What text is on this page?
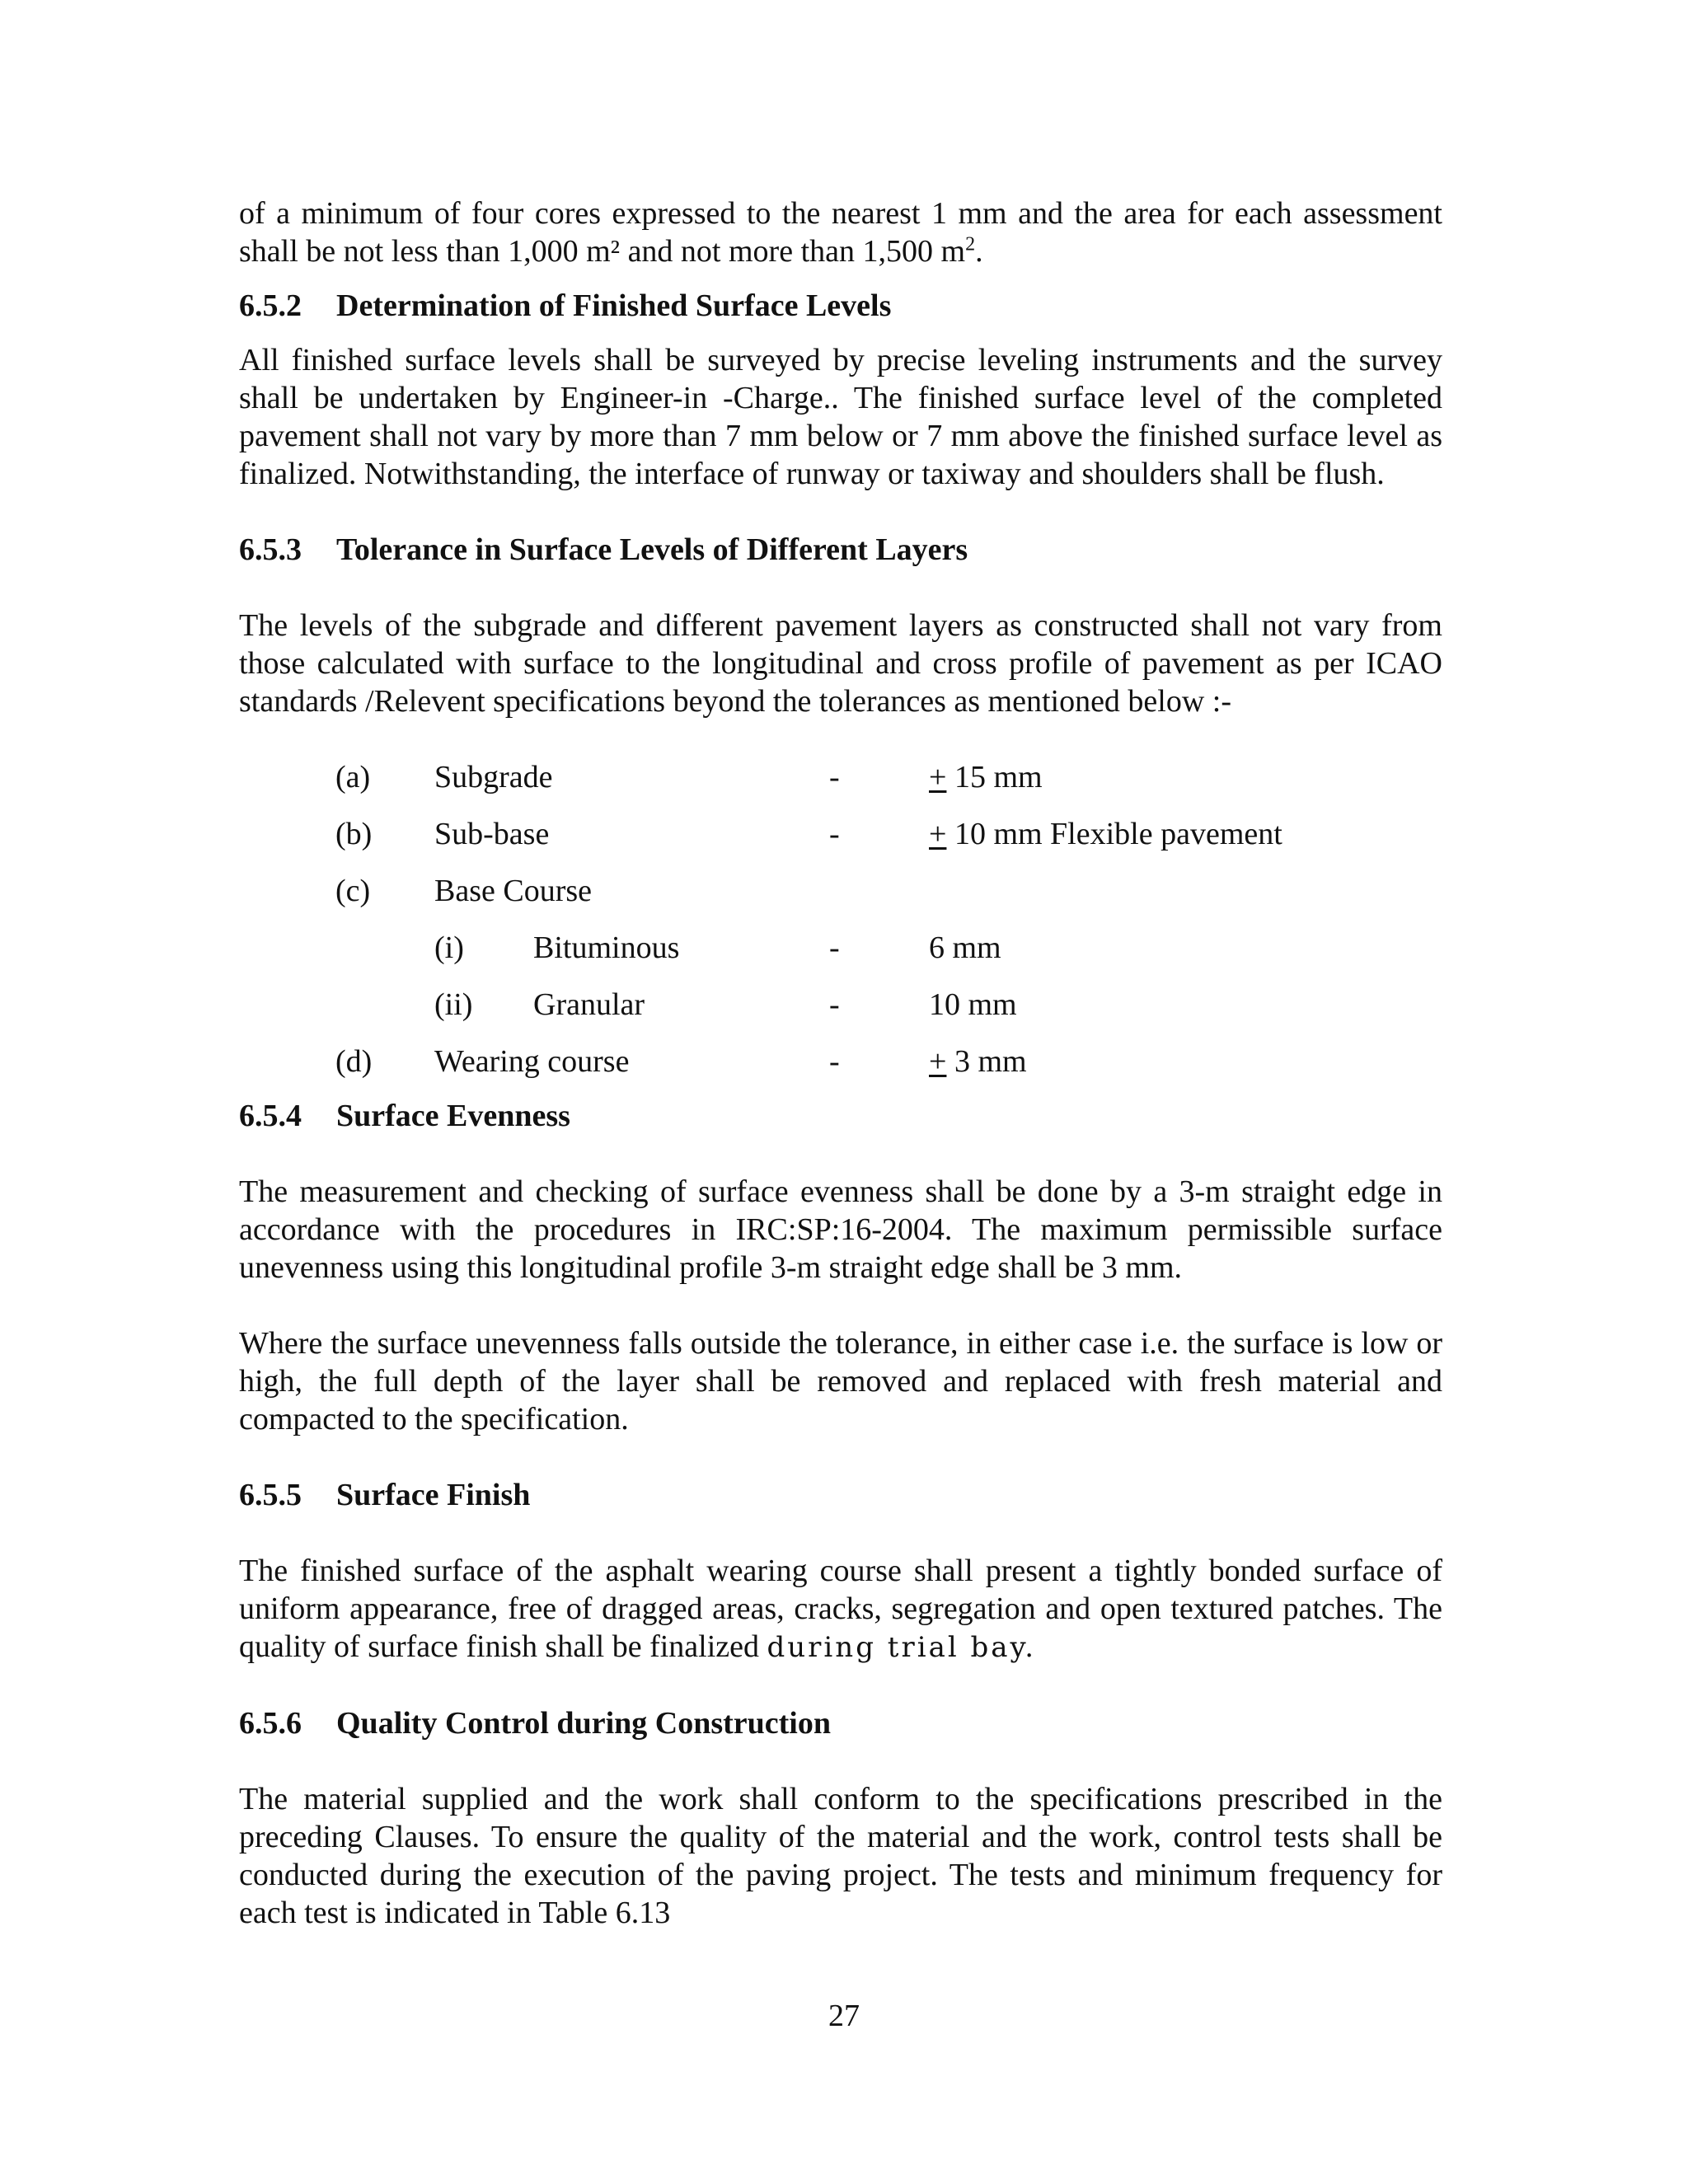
of a minimum of four cores expressed to the nearest 1 mm and the area for each assessment shall be not less than 1,000 m² and not more than 1,500 $m^2$.

6.5.2	Determination of Finished Surface Levels

All finished surface levels shall be surveyed by precise leveling instruments and the survey shall be undertaken by Engineer-in -Charge.. The finished surface level of the completed pavement shall not vary by more than 7 mm below or 7 mm above the finished surface level as finalized. Notwithstanding, the interface of runway or taxiway and shoulders shall be flush.

6.5.3	Tolerance in Surface Levels of Different Layers

The levels of the subgrade and different pavement layers as constructed shall not vary from those calculated with surface to the longitudinal and cross profile of pavement as per ICAO standards /Relevent specifications beyond the tolerances as mentioned below :-

(a) Subgrade	-	+ 15 mm
(b) Sub-base	-	+ 10 mm Flexible pavement
(c) Base Course
(i) Bituminous	-	6 mm
(ii) Granular	-	10 mm
(d) Wearing course	-	+ 3 mm
6.5.4	Surface Evenness

The measurement and checking of surface evenness shall be done by a 3-m straight edge in accordance with the procedures in IRC:SP:16-2004. The maximum permissible surface unevenness using this longitudinal profile 3-m straight edge shall be 3 mm.

Where the surface unevenness falls outside the tolerance, in either case i.e. the surface is low or high, the full depth of the layer shall be removed and replaced with fresh material and compacted to the specification.

6.5.5	Surface Finish

The finished surface of the asphalt wearing course shall present a tightly bonded surface of uniform appearance, free of dragged areas, cracks, segregation and open textured patches. The quality of surface finish shall be finalized during trial bay.

6.5.6	Quality Control during Construction

The material supplied and the work shall conform to the specifications prescribed in the preceding Clauses. To ensure the quality of the material and the work, control tests shall be conducted during the execution of the paving project. The tests and minimum frequency for each test is indicated in Table 6.13

27
